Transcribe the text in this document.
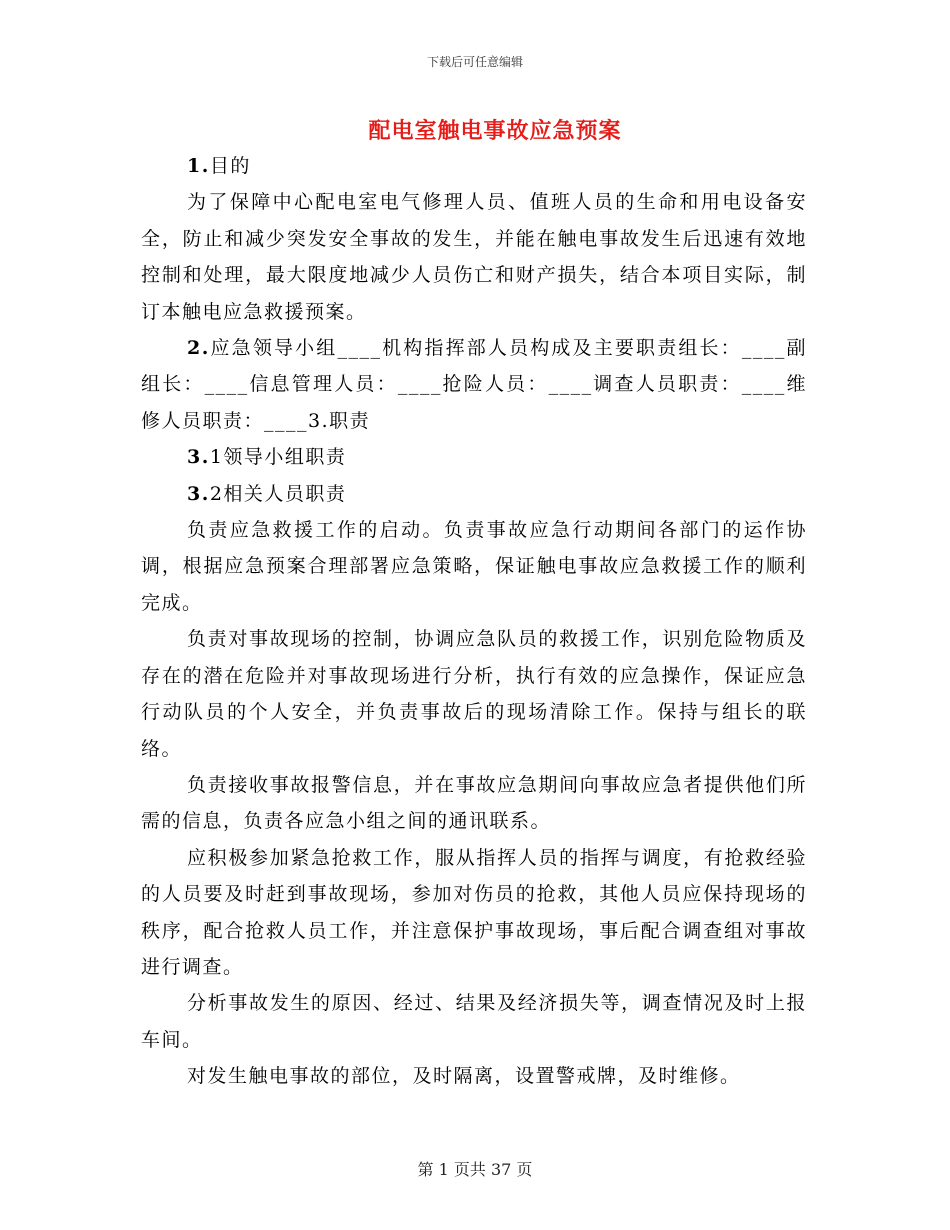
下载后可任意编辑
配电室触电事故应急预案

1.目的

为了保障中心配电室电气修理人员、值班人员的生命和用电设备安全，防止和减少突发安全事故的发生，并能在触电事故发生后迅速有效地控制和处理，最大限度地减少人员伤亡和财产损失，结合本项目实际，制订本触电应急救援预案。

2.应急领导小组____机构指挥部人员构成及主要职责组长：____副组长：____信息管理人员：____抢险人员：____调查人员职责：____维修人员职责：____3.职责

3.1领导小组职责

3.2相关人员职责

负责应急救援工作的启动。负责事故应急行动期间各部门的运作协调，根据应急预案合理部署应急策略，保证触电事故应急救援工作的顺利完成。

负责对事故现场的控制，协调应急队员的救援工作，识别危险物质及存在的潜在危险并对事故现场进行分析，执行有效的应急操作，保证应急行动队员的个人安全，并负责事故后的现场清除工作。保持与组长的联络。

负责接收事故报警信息，并在事故应急期间向事故应急者提供他们所需的信息，负责各应急小组之间的通讯联系。

应积极参加紧急抢救工作，服从指挥人员的指挥与调度，有抢救经验的人员要及时赶到事故现场，参加对伤员的抢救，其他人员应保持现场的秩序，配合抢救人员工作，并注意保护事故现场，事后配合调查组对事故进行调查。

分析事故发生的原因、经过、结果及经济损失等，调查情况及时上报车间。

对发生触电事故的部位，及时隔离，设置警戒牌，及时维修。

第 1 页共 37 页
